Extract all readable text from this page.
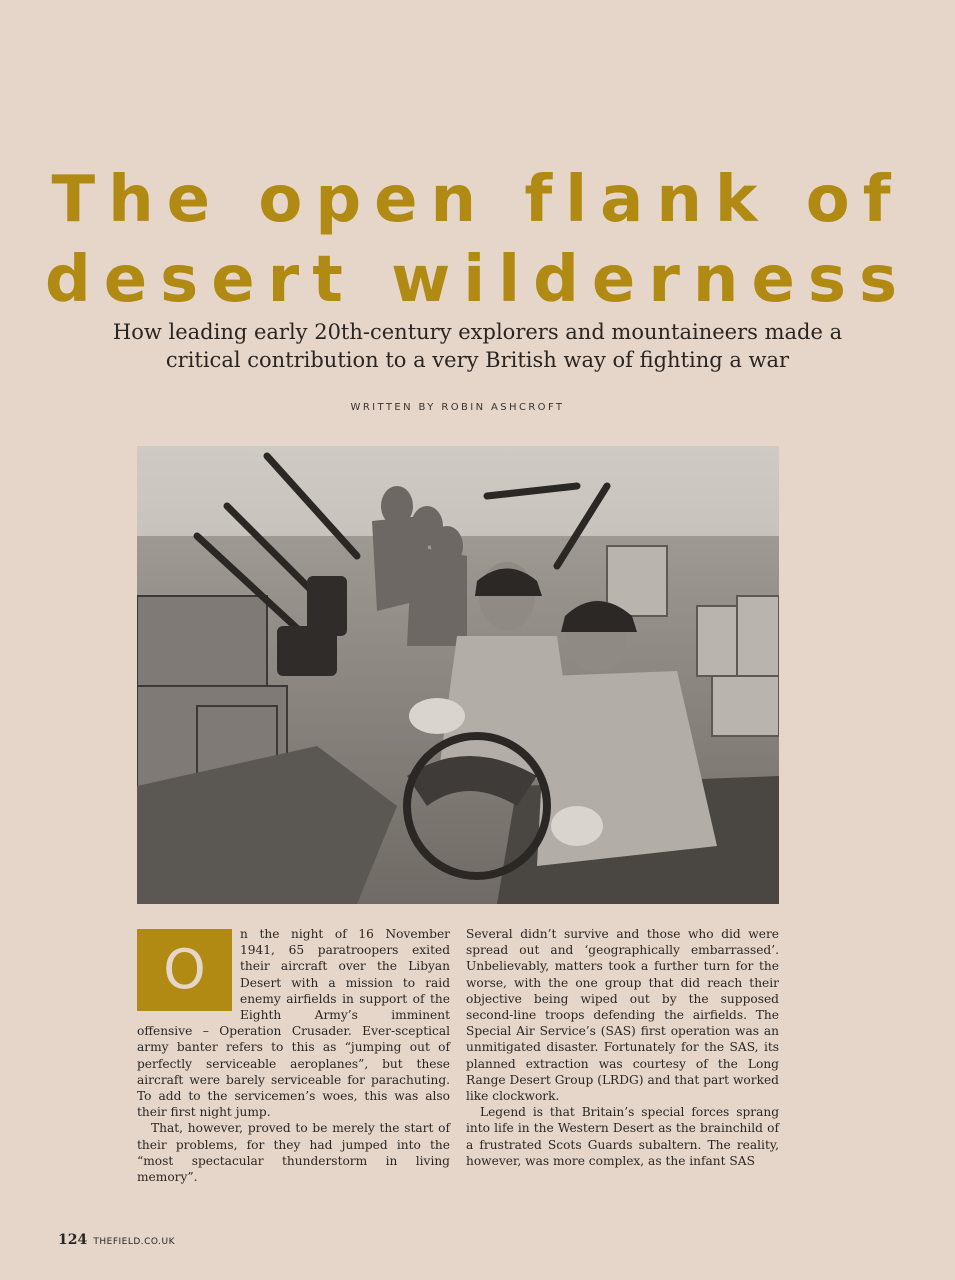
The open flank of
desert wilderness

How leading early 20th-century explorers and mountaineers made a critical contribution to a very British way of fighting a war

WRITTEN BY ROBIN ASHCROFT

O
n the night of 16 November 1941, 65 paratroopers exited their aircraft over the Libyan Desert with a mission to raid enemy airfields in support of the Eighth Army’s imminent offensive – Operation Crusader. Ever-sceptical army banter refers to this as “jumping out of perfectly serviceable aeroplanes”, but these aircraft were barely serviceable for parachuting. To add to the servicemen’s woes, this was also their first night jump.

That, however, proved to be merely the start of their problems, for they had jumped into the “most spectacular thunderstorm in living memory”.

Several didn’t survive and those who did were spread out and ‘geographically embarrassed’. Unbelievably, matters took a further turn for the worse, with the one group that did reach their objective being wiped out by the supposed second-line troops defending the airfields. The Special Air Service’s (SAS) first operation was an unmitigated disaster. Fortunately for the SAS, its planned extraction was courtesy of the Long Range Desert Group (LRDG) and that part worked like clockwork.

Legend is that Britain’s special forces sprang into life in the Western Desert as the brainchild of a frustrated Scots Guards subaltern. The reality, however, was more complex, as the infant SAS

124 THEFIELD.CO.UK
